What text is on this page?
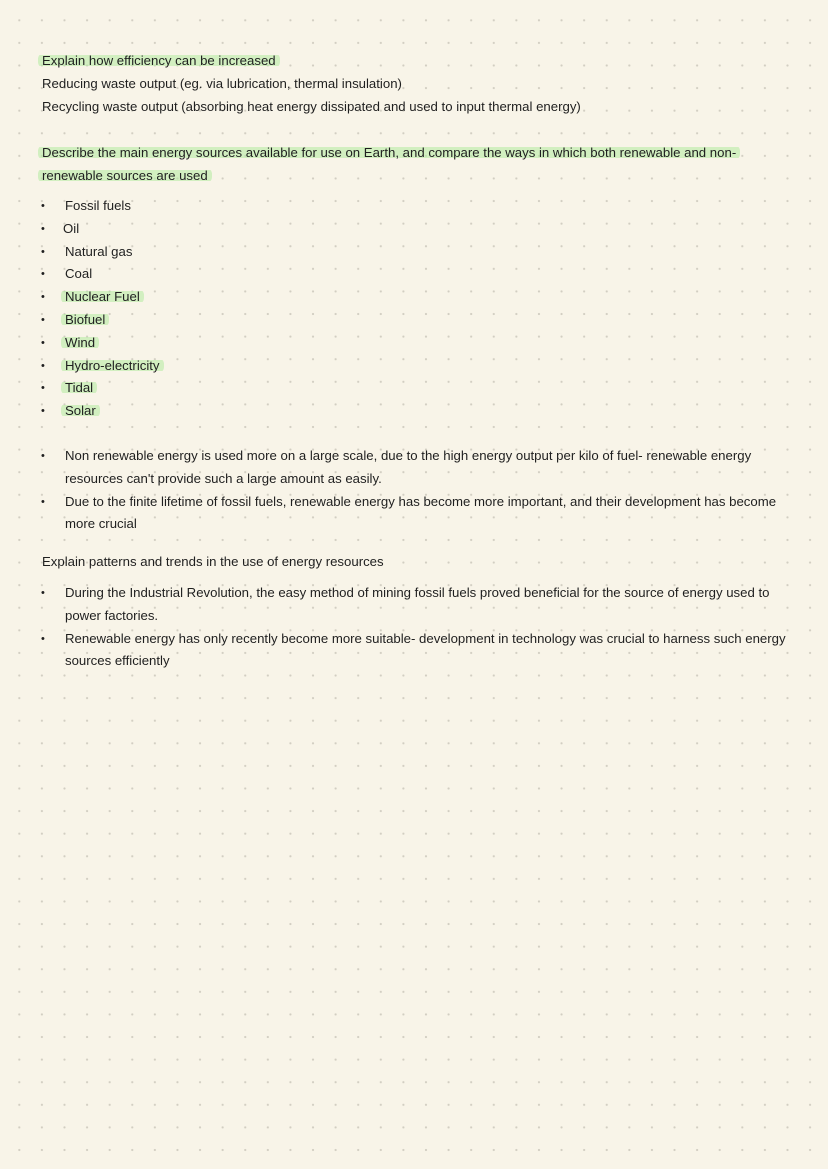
Explain how efficiency can be increased
Reducing waste output (eg. via lubrication, thermal insulation)
Recycling waste output (absorbing heat energy dissipated and used to input thermal energy)
Describe the main energy sources available for use on Earth, and compare the ways in which both renewable and non-
renewable sources are used
• Fossil fuels
• Oil
• Natural gas
• Coal
• Nuclear Fuel
• Biofuel
• Wind
• Hydro-electricity
• Tidal
• Solar
• Non renewable energy is used more on a large scale, due to the high energy output per kilo of fuel- renewable energy resources can't provide such a large amount as easily.
• Due to the finite lifetime of fossil fuels, renewable energy has become more important, and their development has become more crucial
Explain patterns and trends in the use of energy resources
• During the Industrial Revolution, the easy method of mining fossil fuels proved beneficial for the source of energy used to power factories.
• Renewable energy has only recently become more suitable- development in technology was crucial to harness such energy sources efficiently
